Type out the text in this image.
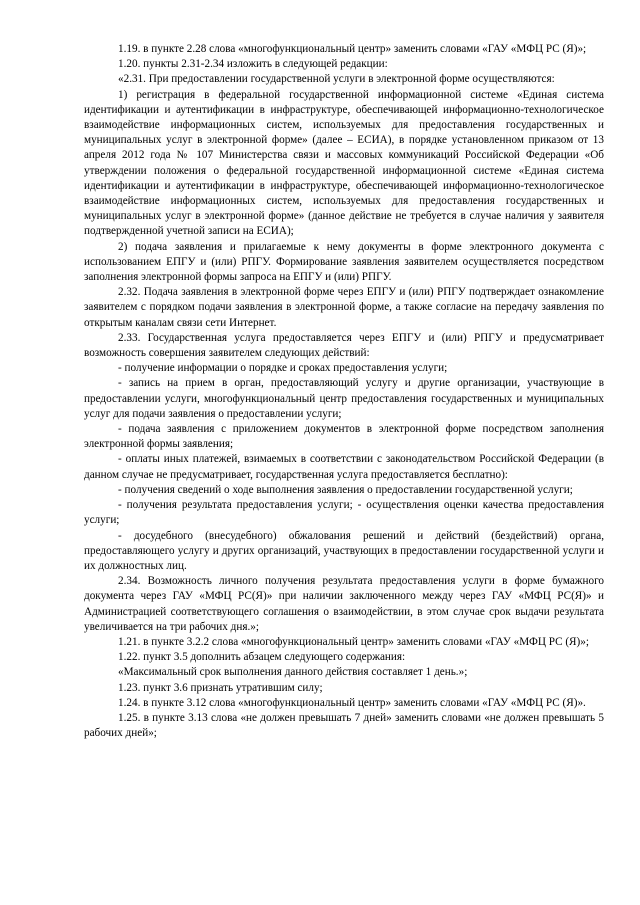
1.19. в пункте 2.28 слова «многофункциональный центр» заменить словами «ГАУ «МФЦ РС (Я)»;

1.20. пункты 2.31-2.34 изложить в следующей редакции:

«2.31. При предоставлении государственной услуги в электронной форме осуществляются:

1) регистрация в федеральной государственной информационной системе «Единая система идентификации и аутентификации в инфраструктуре, обеспечивающей информационно-технологическое взаимодействие информационных систем, используемых для предоставления государственных и муниципальных услуг в электронной форме» (далее – ЕСИА), в порядке установленном приказом от 13 апреля 2012 года № 107 Министерства связи и массовых коммуникаций Российской Федерации «Об утверждении положения о федеральной государственной информационной системе «Единая система идентификации и аутентификации в инфраструктуре, обеспечивающей информационно-технологическое взаимодействие информационных систем, используемых для предоставления государственных и муниципальных услуг в электронной форме» (данное действие не требуется в случае наличия у заявителя подтвержденной учетной записи на ЕСИА);

2) подача заявления и прилагаемые к нему документы в форме электронного документа с использованием ЕПГУ и (или) РПГУ. Формирование заявления заявителем осуществляется посредством заполнения электронной формы запроса на ЕПГУ и (или) РПГУ.

2.32. Подача заявления в электронной форме через ЕПГУ и (или) РПГУ подтверждает ознакомление заявителем с порядком подачи заявления в электронной форме, а также согласие на передачу заявления по открытым каналам связи сети Интернет.

2.33. Государственная услуга предоставляется через ЕПГУ и (или) РПГУ и предусматривает возможность совершения заявителем следующих действий:

- получение информации о порядке и сроках предоставления услуги;

- запись на прием в орган, предоставляющий услугу и другие организации, участвующие в предоставлении услуги, многофункциональный центр предоставления государственных и муниципальных услуг для подачи заявления о предоставлении услуги;

- подача заявления с приложением документов в электронной форме посредством заполнения электронной формы заявления;

- оплаты иных платежей, взимаемых в соответствии с законодательством Российской Федерации (в данном случае не предусматривает, государственная услуга предоставляется бесплатно):

- получения сведений о ходе выполнения заявления о предоставлении государственной услуги;

- получения результата предоставления услуги; - осуществления оценки качества предоставления услуги;

- досудебного (внесудебного) обжалования решений и действий (бездействий) органа, предоставляющего услугу и других организаций, участвующих в предоставлении государственной услуги и их должностных лиц.

2.34. Возможность личного получения результата предоставления услуги в форме бумажного документа через ГАУ «МФЦ РС(Я)» при наличии заключенного между через ГАУ «МФЦ РС(Я)» и Администрацией соответствующего соглашения о взаимодействии, в этом случае срок выдачи результата увеличивается на три рабочих дня.»;

1.21. в пункте 3.2.2 слова «многофункциональный центр» заменить словами «ГАУ «МФЦ РС (Я)»;

1.22. пункт 3.5 дополнить абзацем следующего содержания:

«Максимальный срок выполнения данного действия составляет 1 день.»;

1.23. пункт 3.6 признать утратившим силу;

1.24. в пункте 3.12 слова «многофункциональный центр» заменить словами «ГАУ «МФЦ РС (Я)».

1.25. в пункте 3.13 слова «не должен превышать 7 дней» заменить словами «не должен превышать 5 рабочих дней»;
